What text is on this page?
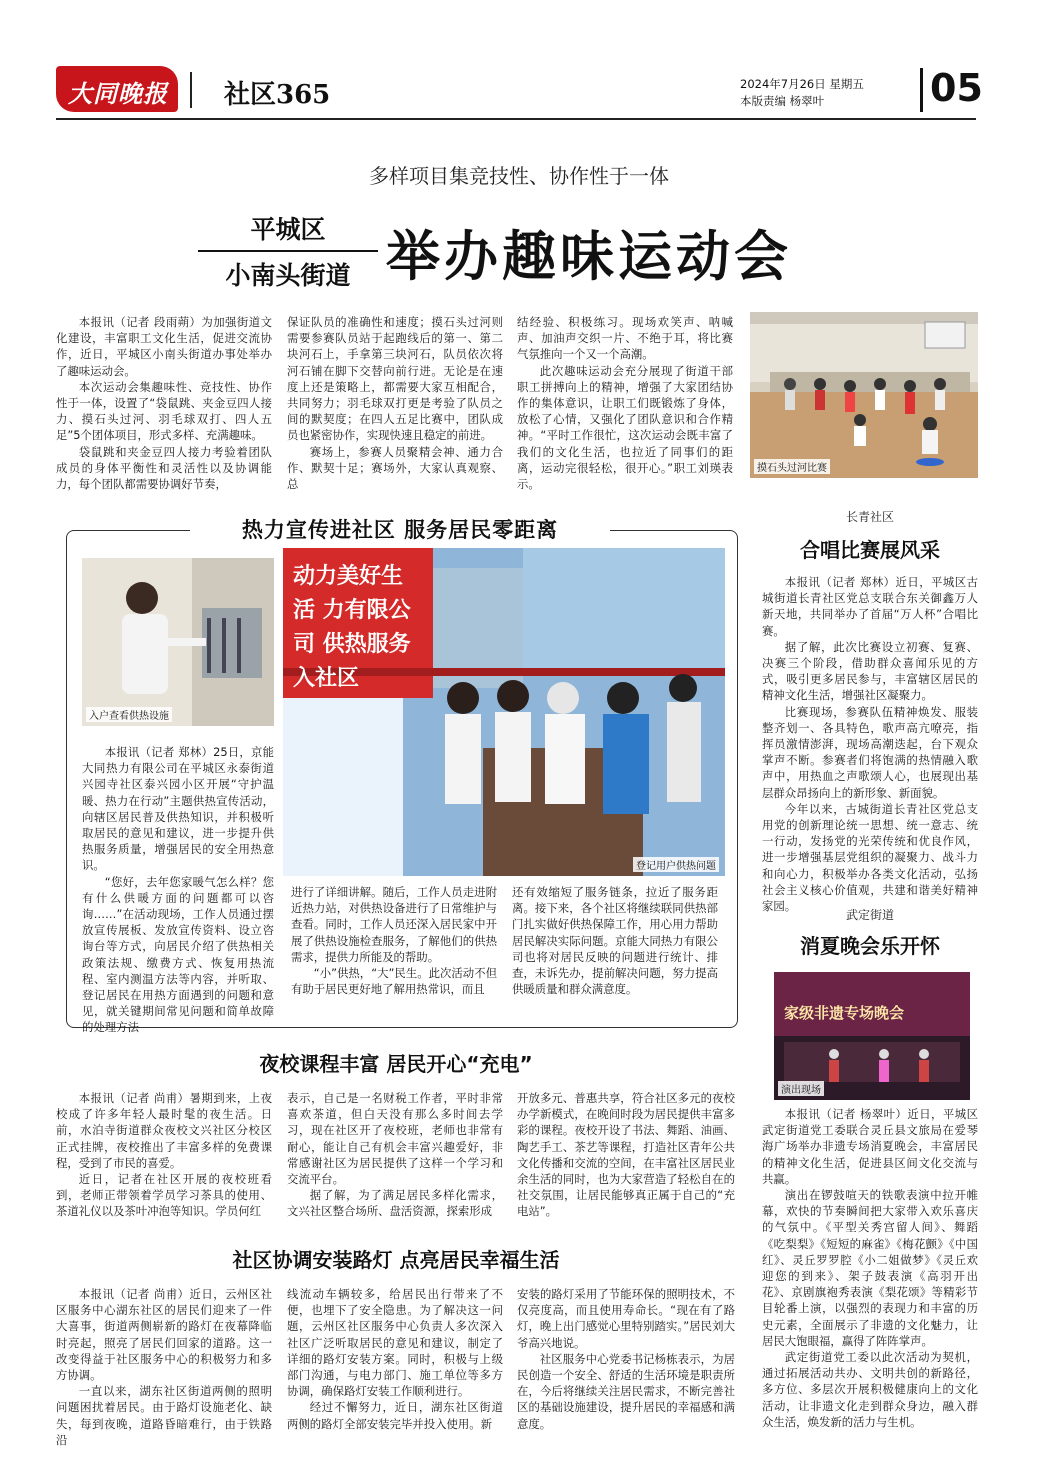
大同晚报 社区365	2024年7月26日 星期五
本版责编 杨翠叶	05
多样项目集竞技性、协作性于一体
平城区
小南头街道 举办趣味运动会

本报讯（记者 段雨蒴）为加强街道文化建设，丰富职工文化生活，促进交流协作，近日，平城区小南头街道办事处举办了趣味运动会。

本次运动会集趣味性、竞技性、协作性于一体，设置了“袋鼠跳、夹金豆四人接力、摸石头过河、羽毛球双打、四人五足”5个团体项目，形式多样、充满趣味。

袋鼠跳和夹金豆四人接力考验着团队成员的身体平衡性和灵活性以及协调能力，每个团队都需要协调好节奏，

保证队员的准确性和速度；摸石头过河则需要参赛队员站于起跑线后的第一、第二块河石上，手拿第三块河石，队员依次将河石铺在脚下交替向前行进。无论是在速度上还是策略上，都需要大家互相配合，共同努力；羽毛球双打更是考验了队员之间的默契度；在四人五足比赛中，团队成员也紧密协作，实现快速且稳定的前进。

赛场上，参赛人员聚精会神、通力合作、默契十足；赛场外，大家认真观察、总

结经验、积极练习。现场欢笑声、呐喊声、加油声交织一片、不绝于耳，将比赛气氛推向一个又一个高潮。

此次趣味运动会充分展现了街道干部职工拼搏向上的精神，增强了大家团结协作的集体意识，让职工们既锻炼了身体，放松了心情，又强化了团队意识和合作精神。“平时工作很忙，这次运动会既丰富了我们的文化生活，也拉近了同事们的距离，运动完很轻松，很开心。”职工刘瑛表示。

摸石头过河比赛
热力宣传进社区 服务居民零距离
入户查看供热设施
动力美好生活 力有限公司 供热服务入社区
登记用户供热问题

本报讯（记者 郑林）25日，京能大同热力有限公司在平城区永泰街道兴园寺社区泰兴园小区开展“守护温暖、热力在行动”主题供热宣传活动，向辖区居民普及供热知识，并积极听取居民的意见和建议，进一步提升供热服务质量，增强居民的安全用热意识。

“您好，去年您家暖气怎么样？您有什么供暖方面的问题都可以咨询……”在活动现场，工作人员通过摆放宣传展板、发放宣传资料、设立咨询台等方式，向居民介绍了供热相关政策法规、缴费方式、恢复用热流程、室内测温方法等内容，并听取、登记居民在用热方面遇到的问题和意见，就关键期间常见问题和简单故障的处理方法

进行了详细讲解。随后，工作人员走进附近热力站，对供热设备进行了日常维护与查看。同时，工作人员还深入居民家中开展了供热设施检查服务，了解他们的供热需求，提供力所能及的帮助。

“小”供热，“大”民生。此次活动不但有助于居民更好地了解用热常识，而且

还有效缩短了服务链条，拉近了服务距离。接下来，各个社区将继续联同供热部门扎实做好供热保障工作，用心用力帮助居民解决实际问题。京能大同热力有限公司也将对居民反映的问题进行统计、排查，未诉先办，提前解决问题，努力提高供暖质量和群众满意度。

长青社区
合唱比赛展风采

本报讯（记者 郑林）近日，平城区古城街道长青社区党总支联合东关御鑫万人新天地，共同举办了首届“万人杯”合唱比赛。

据了解，此次比赛设立初赛、复赛、决赛三个阶段，借助群众喜闻乐见的方式，吸引更多居民参与，丰富辖区居民的精神文化生活，增强社区凝聚力。

比赛现场，参赛队伍精神焕发、服装整齐划一、各具特色，歌声高亢嘹亮，指挥员激情澎湃，现场高潮迭起，台下观众掌声不断。参赛者们将饱满的热情融入歌声中，用热血之声歌颂人心，也展现出基层群众昂扬向上的新形象、新面貌。

今年以来，古城街道长青社区党总支用党的创新理论统一思想、统一意志、统一行动，发扬党的光荣传统和优良作风，进一步增强基层党组织的凝聚力、战斗力和向心力，积极举办各类文化活动，弘扬社会主义核心价值观，共建和谐美好精神家园。

武定街道
消夏晚会乐开怀
家级非遗专场晚会
演出现场

本报讯（记者 杨翠叶）近日，平城区武定街道党工委联合灵丘县文旅局在爱琴海广场举办非遗专场消夏晚会，丰富居民的精神文化生活，促进县区间文化交流与共赢。

演出在锣鼓喧天的铁歌表演中拉开帷幕，欢快的节奏瞬间把大家带入欢乐喜庆的气氛中。《平型关秀宫留人间》、舞蹈《吃梨梨》《短短的麻雀》《梅花颤》《中国红》、灵丘罗罗腔《小二姐做梦》《灵丘欢迎您的到来》、架子鼓表演《高羽开出花》、京剧旗袍秀表演《梨花颂》等精彩节目轮番上演，以强烈的表现力和丰富的历史元素，全面展示了非遗的文化魅力，让居民大饱眼福，赢得了阵阵掌声。

武定街道党工委以此次活动为契机，通过拓展活动共办、文明共创的新路径，多方位、多层次开展积极健康向上的文化活动，让非遗文化走到群众身边，融入群众生活，焕发新的活力与生机。

夜校课程丰富 居民开心“充电”

本报讯（记者 尚甫）暑期到来，上夜校成了许多年轻人最时髦的夜生活。日前，水泊寺街道群众夜校文兴社区分校区正式挂牌，夜校推出了丰富多样的免费课程，受到了市民的喜爱。

近日，记者在社区开展的夜校班看到，老师正带领着学员学习茶具的使用、茶道礼仪以及茶叶冲泡等知识。学员何红

表示，自己是一名财税工作者，平时非常喜欢茶道，但白天没有那么多时间去学习，现在社区开了夜校班，老师也非常有耐心，能让自己有机会丰富兴趣爱好，非常感谢社区为居民提供了这样一个学习和交流平台。

据了解，为了满足居民多样化需求，文兴社区整合场所、盘活资源，探索形成

开放多元、普惠共享，符合社区多元的夜校办学新模式，在晚间时段为居民提供丰富多彩的课程。夜校开设了书法、舞蹈、油画、陶艺手工、茶艺等课程，打造社区青年公共文化传播和交流的空间，在丰富社区居民业余生活的同时，也为大家营造了轻松自在的社交氛围，让居民能够真正属于自己的“充电站”。

社区协调安装路灯 点亮居民幸福生活

本报讯（记者 尚甫）近日，云州区社区服务中心湖东社区的居民们迎来了一件大喜事，街道两侧崭新的路灯在夜幕降临时亮起，照亮了居民们回家的道路。这一改变得益于社区服务中心的积极努力和多方协调。

一直以来，湖东社区街道两侧的照明问题困扰着居民。由于路灯设施老化、缺失，每到夜晚，道路昏暗难行，由于铁路沿

线流动车辆较多，给居民出行带来了不便，也埋下了安全隐患。为了解决这一问题，云州区社区服务中心负责人多次深入社区广泛听取居民的意见和建议，制定了详细的路灯安装方案。同时，积极与上级部门沟通，与电力部门、施工单位等多方协调，确保路灯安装工作顺利进行。

经过不懈努力，近日，湖东社区街道两侧的路灯全部安装完毕并投入使用。新

安装的路灯采用了节能环保的照明技术，不仅亮度高，而且使用寿命长。“现在有了路灯，晚上出门感觉心里特别踏实。”居民刘大爷高兴地说。

社区服务中心党委书记杨栋表示，为居民创造一个安全、舒适的生活环境是职责所在，今后将继续关注居民需求，不断完善社区的基础设施建设，提升居民的幸福感和满意度。
